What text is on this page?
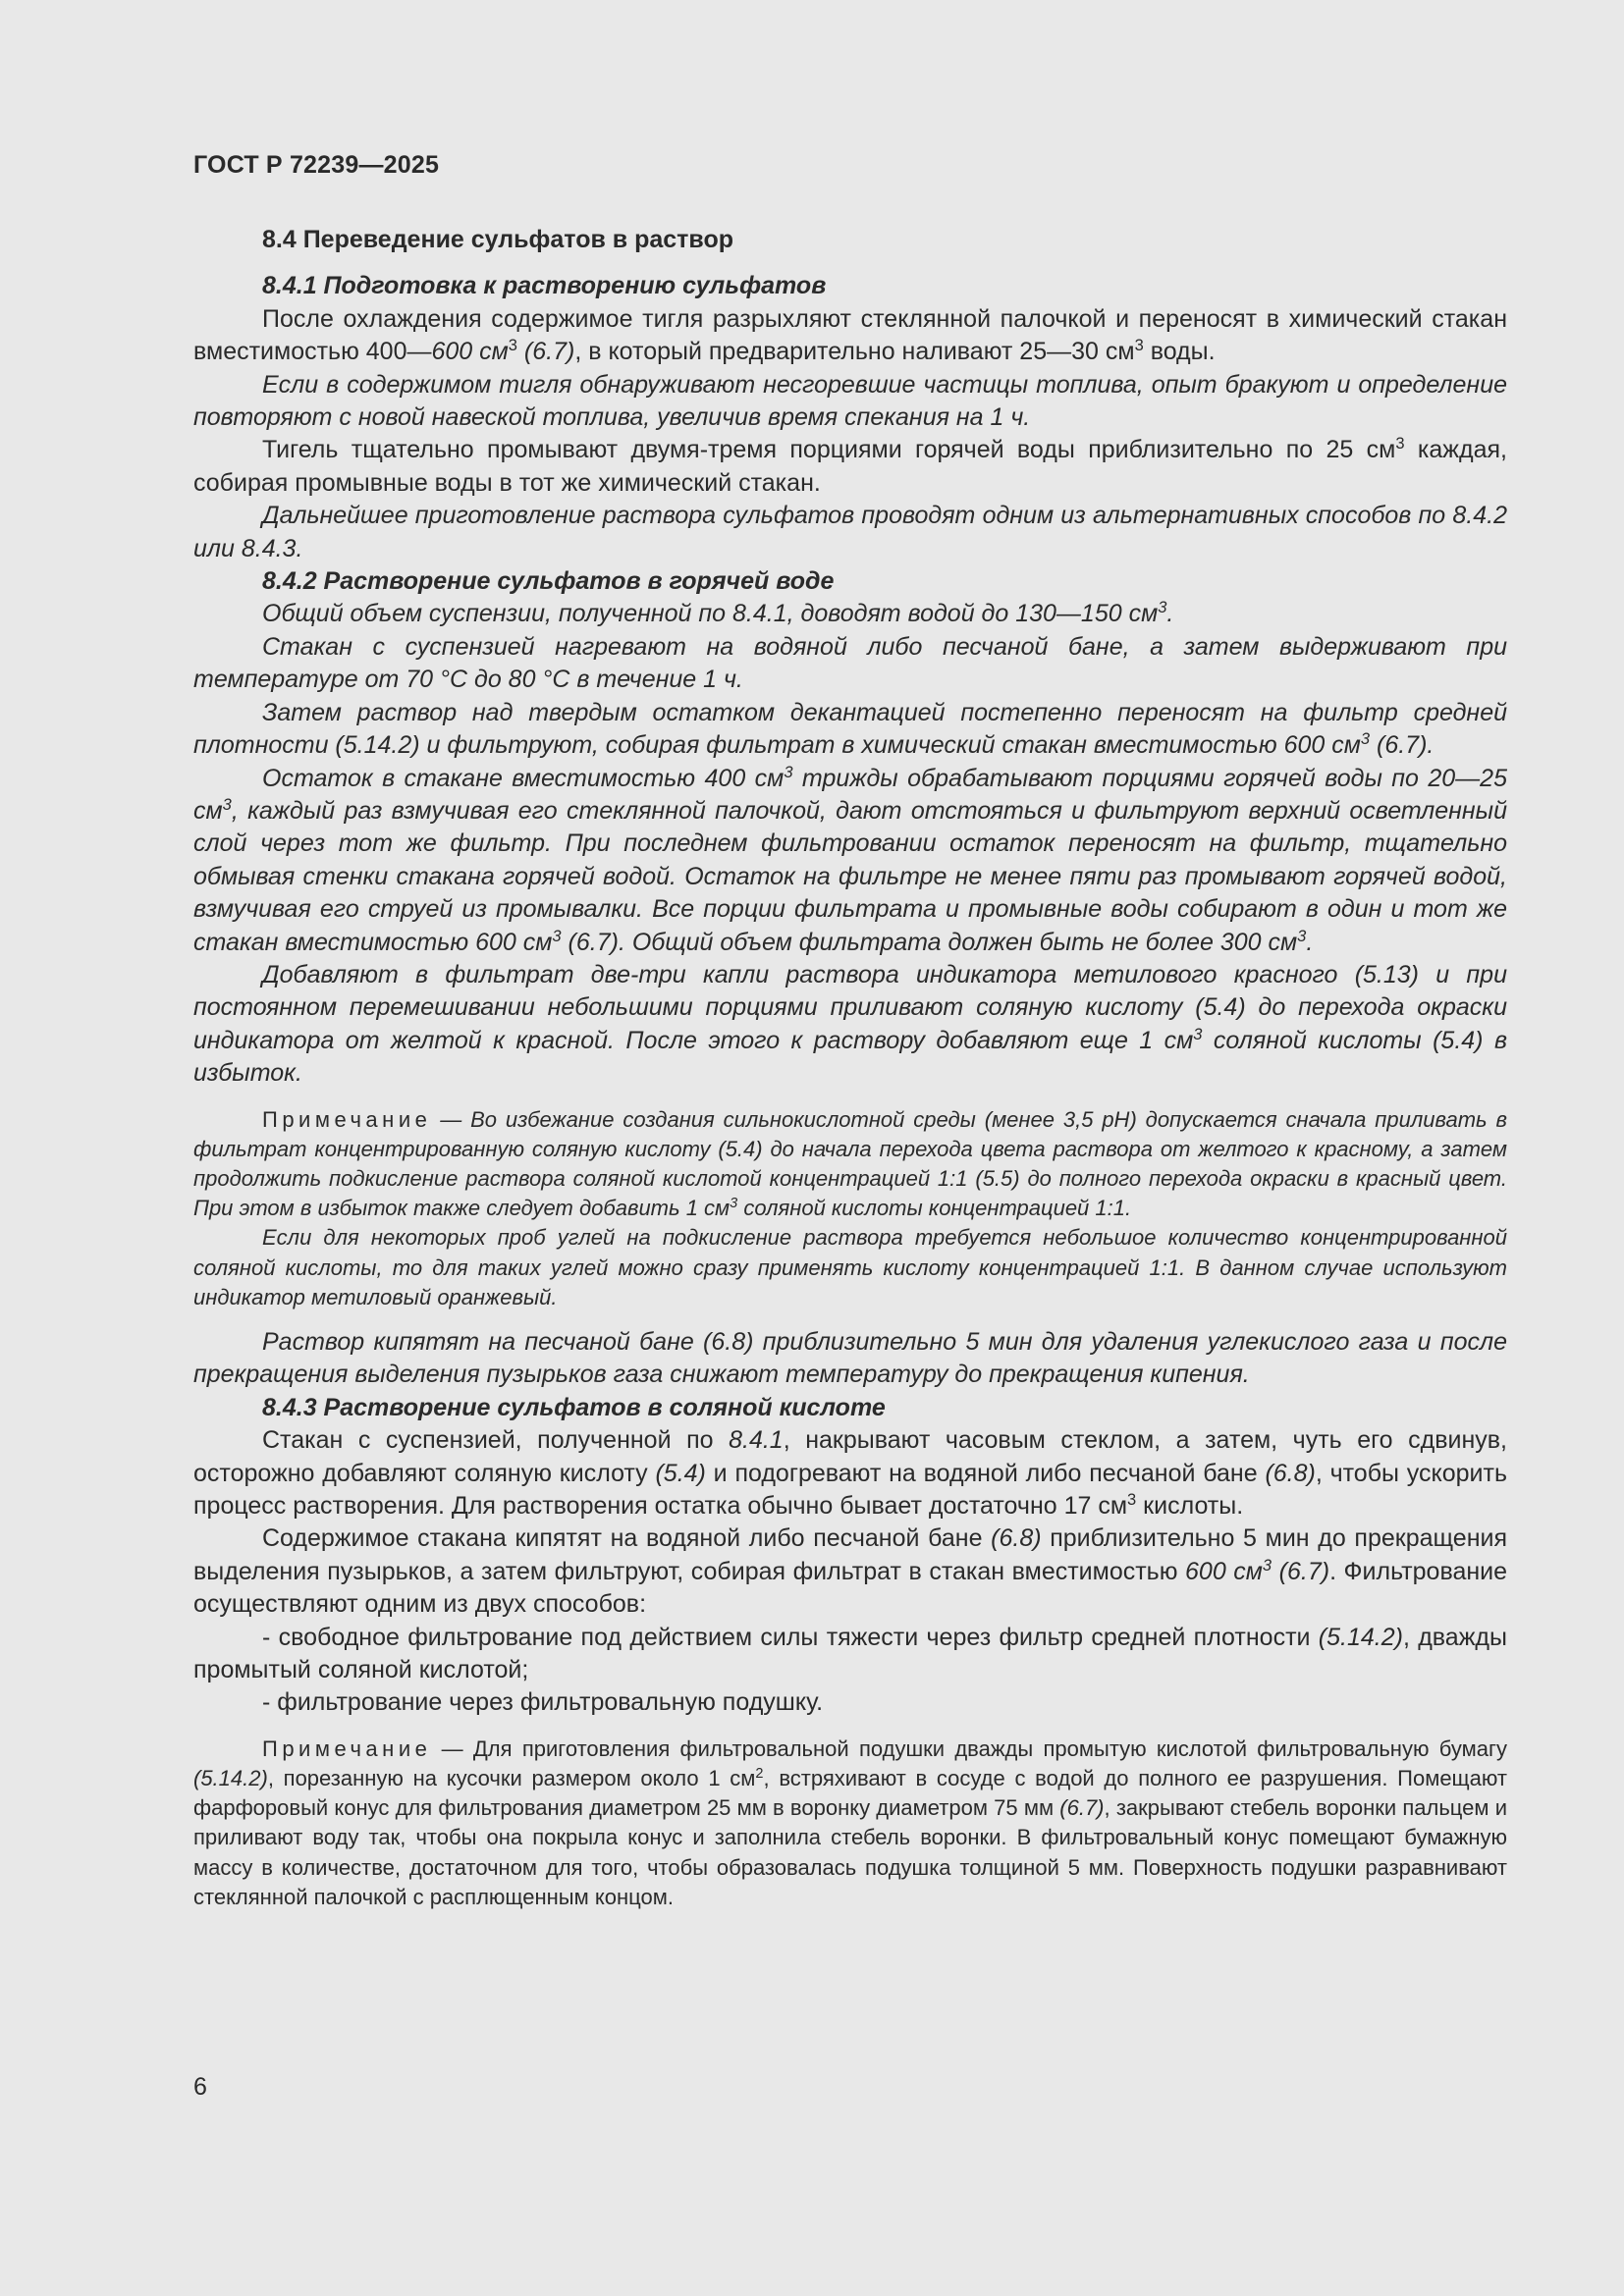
ГОСТ Р 72239—2025

8.4 Переведение сульфатов в раствор

8.4.1 Подготовка к растворению сульфатов

После охлаждения содержимое тигля разрыхляют стеклянной палочкой и переносят в химический стакан вместимостью 400—600 $см^3$ (6.7), в который предварительно наливают 25—30 $см^3$ воды.

Если в содержимом тигля обнаруживают несгоревшие частицы топлива, опыт бракуют и определение повторяют с новой навеской топлива, увеличив время спекания на 1 ч.

Тигель тщательно промывают двумя-тремя порциями горячей воды приблизительно по 25 $см^3$ каждая, собирая промывные воды в тот же химический стакан.

Дальнейшее приготовление раствора сульфатов проводят одним из альтернативных способов по 8.4.2 или 8.4.3.

8.4.2 Растворение сульфатов в горячей воде

Общий объем суспензии, полученной по 8.4.1, доводят водой до 130—150 $см^3$.

Стакан с суспензией нагревают на водяной либо песчаной бане, а затем выдерживают при температуре от 70 °С до 80 °С в течение 1 ч.

Затем раствор над твердым остатком декантацией постепенно переносят на фильтр средней плотности (5.14.2) и фильтруют, собирая фильтрат в химический стакан вместимостью 600 $см^3$ (6.7).

Остаток в стакане вместимостью 400 $см^3$ трижды обрабатывают порциями горячей воды по 20—25 $см^3$, каждый раз взмучивая его стеклянной палочкой, дают отстояться и фильтруют верхний осветленный слой через тот же фильтр. При последнем фильтровании остаток переносят на фильтр, тщательно обмывая стенки стакана горячей водой. Остаток на фильтре не менее пяти раз промывают горячей водой, взмучивая его струей из промывалки. Все порции фильтрата и промывные воды собирают в один и тот же стакан вместимостью 600 $см^3$ (6.7). Общий объем фильтрата должен быть не более 300 $см^3$.

Добавляют в фильтрат две-три капли раствора индикатора метилового красного (5.13) и при постоянном перемешивании небольшими порциями приливают соляную кислоту (5.4) до перехода окраски индикатора от желтой к красной. После этого к раствору добавляют еще 1 $см^3$ соляной кислоты (5.4) в избыток.

Примечание — Во избежание создания сильнокислотной среды (менее 3,5 pH) допускается сначала приливать в фильтрат концентрированную соляную кислоту (5.4) до начала перехода цвета раствора от желтого к красному, а затем продолжить подкисление раствора соляной кислотой концентрацией 1:1 (5.5) до полного перехода окраски в красный цвет. При этом в избыток также следует добавить 1 $см^3$ соляной кислоты концентрацией 1:1.

Если для некоторых проб углей на подкисление раствора требуется небольшое количество концентрированной соляной кислоты, то для таких углей можно сразу применять кислоту концентрацией 1:1. В данном случае используют индикатор метиловый оранжевый.

Раствор кипятят на песчаной бане (6.8) приблизительно 5 мин для удаления углекислого газа и после прекращения выделения пузырьков газа снижают температуру до прекращения кипения.

8.4.3 Растворение сульфатов в соляной кислоте

Стакан с суспензией, полученной по 8.4.1, накрывают часовым стеклом, а затем, чуть его сдвинув, осторожно добавляют соляную кислоту (5.4) и подогревают на водяной либо песчаной бане (6.8), чтобы ускорить процесс растворения. Для растворения остатка обычно бывает достаточно 17 $см^3$ кислоты.

Содержимое стакана кипятят на водяной либо песчаной бане (6.8) приблизительно 5 мин до прекращения выделения пузырьков, а затем фильтруют, собирая фильтрат в стакан вместимостью 600 $см^3$ (6.7). Фильтрование осуществляют одним из двух способов:

- свободное фильтрование под действием силы тяжести через фильтр средней плотности (5.14.2), дважды промытый соляной кислотой;

- фильтрование через фильтровальную подушку.

Примечание — Для приготовления фильтровальной подушки дважды промытую кислотой фильтровальную бумагу (5.14.2), порезанную на кусочки размером около 1 $см^2$, встряхивают в сосуде с водой до полного ее разрушения. Помещают фарфоровый конус для фильтрования диаметром 25 мм в воронку диаметром 75 мм (6.7), закрывают стебель воронки пальцем и приливают воду так, чтобы она покрыла конус и заполнила стебель воронки. В фильтровальный конус помещают бумажную массу в количестве, достаточном для того, чтобы образовалась подушка толщиной 5 мм. Поверхность подушки разравнивают стеклянной палочкой с расплющенным концом.

6
